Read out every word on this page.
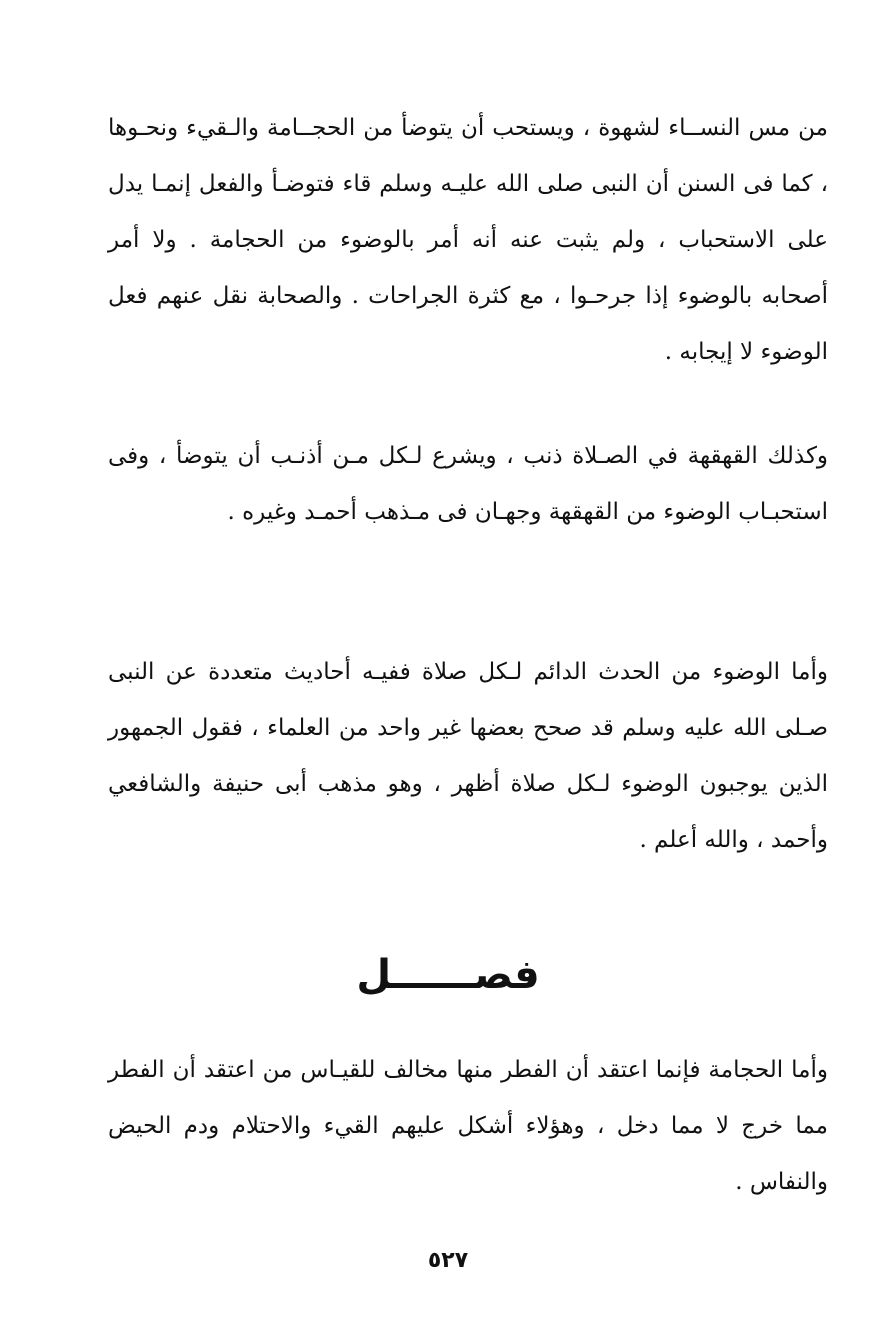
من مس النســاء لشهوة ، ويستحب أن يتوضأ من الحجــامة والـقيء ونحـوها ، كما فى السنن أن النبى صلى الله عليـه وسلم قاء فتوضـأ والفعل إنمـا يدل على الاستحباب ، ولم يثبت عنه أنه أمر بالوضوء من الحجامة . ولا أمر أصحابه بالوضوء إذا جرحـوا ، مع كثرة الجراحات . والصحابة نقل عنهم فعل الوضوء لا إيجابه .

وكذلك القهقهة في الصـلاة ذنب ، ويشرع لـكل مـن أذنـب أن يتوضأ ، وفى استحبـاب الوضوء من القهقهة وجهـان فى مـذهب أحمـد وغيره .

وأما الوضوء من الحدث الدائم لـكل صلاة ففيـه أحاديث متعددة عن النبى صـلى الله عليه وسلم قد صحح بعضها غير واحد من العلماء ، فقول الجمهور الذين يوجبون الوضوء لـكل صلاة أظهر ، وهو مذهب أبى حنيفة والشافعي وأحمد ، والله أعلم .

فصــــــل

وأما الحجامة فإنما اعتقد أن الفطر منها مخالف للقيـاس من اعتقد أن الفطر مما خرج لا مما دخل ، وهؤلاء أشكل عليهم القيء والاحتلام ودم الحيض والنفاس .

٥٢٧
